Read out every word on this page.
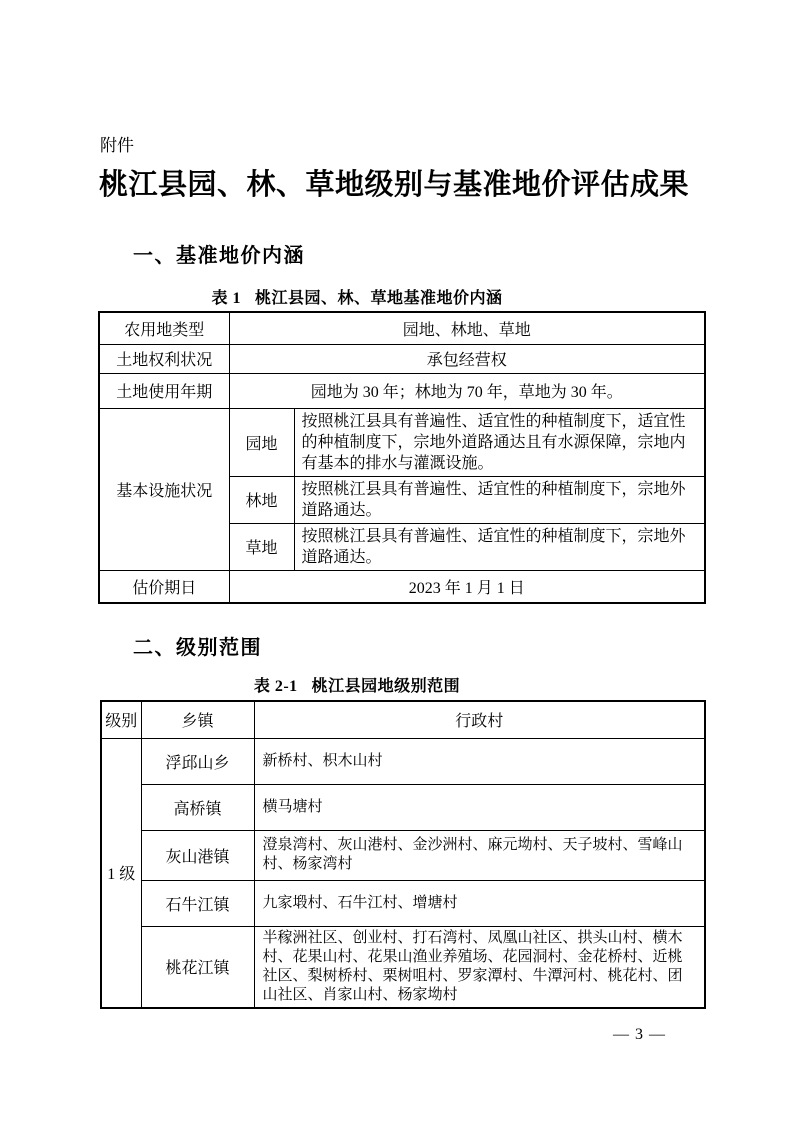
附件
桃江县园、林、草地级别与基准地价评估成果
一、基准地价内涵
表 1 桃江县园、林、草地基准地价内涵
农用地类型	园地、林地、草地	
土地权利状况	承包经营权	
土地使用年期	园地为 30 年；林地为 70 年，草地为 30 年。	
基本设施状况	园地	按照桃江县具有普遍性、适宜性的种植制度下，适宜性的种植制度下，宗地外道路通达且有水源保障，宗地内有基本的排水与灌溉设施。
	林地	按照桃江县具有普遍性、适宜性的种植制度下，宗地外道路通达。
	草地	按照桃江县具有普遍性、适宜性的种植制度下，宗地外道路通达。
估价期日	2023 年 1 月 1 日	
二、级别范围
表 2-1 桃江县园地级别范围
级别	乡镇	行政村
1 级	浮邱山乡	新桥村、枳木山村
	高桥镇	横马塘村
	灰山港镇	澄泉湾村、灰山港村、金沙洲村、麻元坳村、天子坡村、雪峰山村、杨家湾村
	石牛江镇	九家塅村、石牛江村、增塘村
	桃花江镇	半稼洲社区、创业村、打石湾村、凤凰山社区、拱头山村、横木村、花果山村、花果山渔业养殖场、花园洞村、金花桥村、近桃社区、梨树桥村、栗树咀村、罗家潭村、牛潭河村、桃花村、团山社区、肖家山村、杨家坳村
— 3 —
